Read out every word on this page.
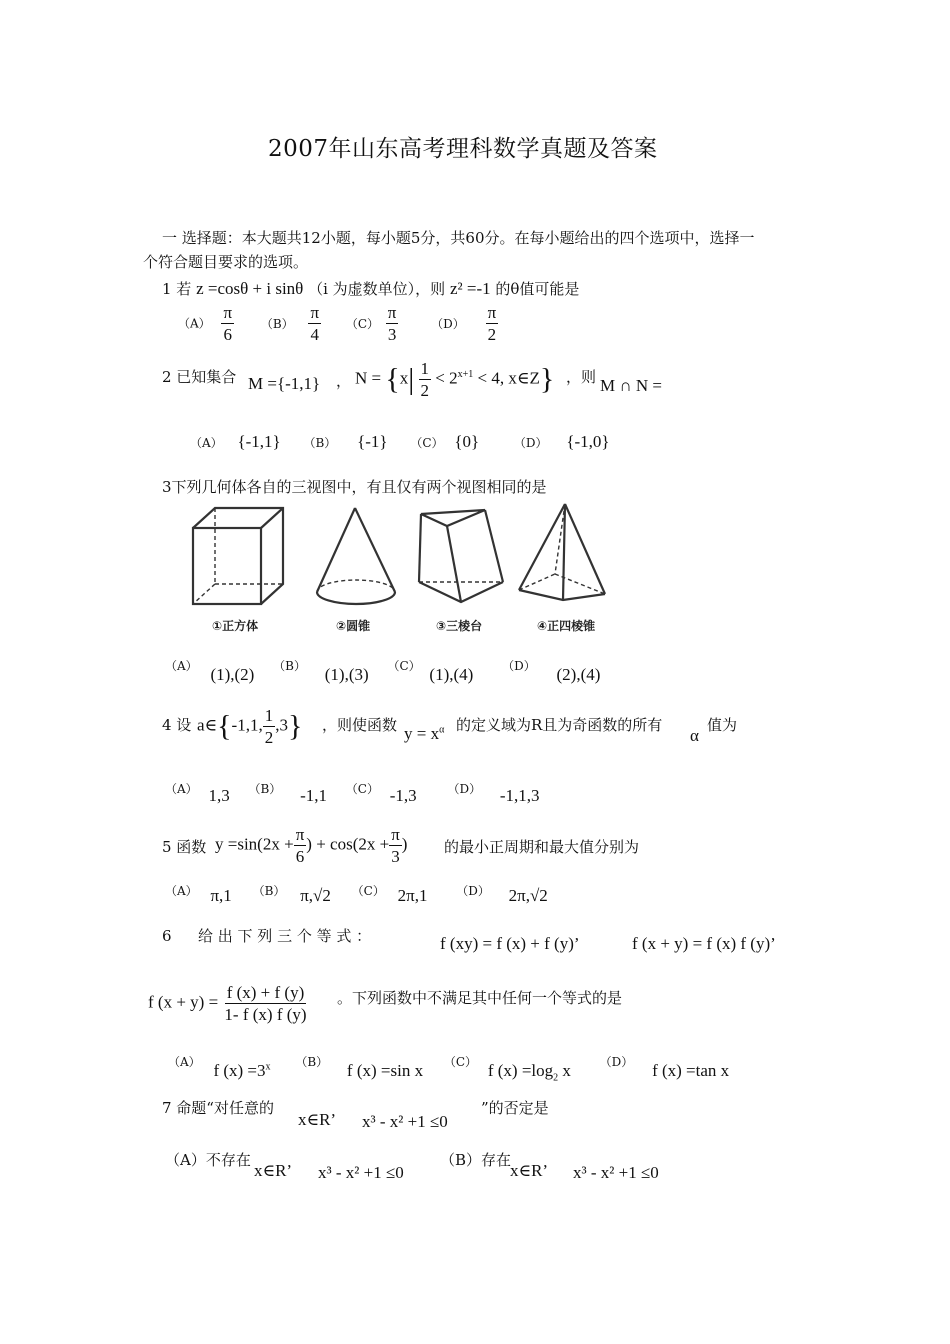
2007年山东高考理科数学真题及答案
一 选择题：本大题共12小题，每小题5分，共60分。在每小题给出的四个选项中，选择一
个符合题目要求的选项。
1 若 z =cosθ + i sinθ （i 为虚数单位），则 z² =-1 的θ值可能是
$(A) \frac{\pi}{6} (B) \frac{\pi}{4} (C) \frac{\pi}{3}$	$(D) \frac{\pi}{2}$
2 已知集合 M ={-1,1} ， $N = \{x| \frac{1}{2} < 2^{x+1} < 4$, x∈Z} ，则 M ∩ N =
（A） {-1,1} （B） {-1} （C） {0}	（D） {-1,0}
3下列几何体各自的三视图中，有且仅有两个视图相同的是
①正方体	②圆锥	③三棱台	④正四棱锥
（A） (1),(2) （B） (1),(3) （C） (1),(4) （D） (2),(4)
4 设 a∈{-1,1, $\frac{1}{2} ,3$} ，则使函数 $y = x^\alpha$ 的定义域为R且为奇函数的所有
α
值为
（A） 1,3 （B） -1,1 （C） -1,3	（D） -1,1,3
5 函数 $y =\sin(2x + \frac{\pi}{6}$ ) + $\cos(2x + \frac{\pi}{3}$ ) 的最小正周期和最大值分别为
（A） π,1 （B） π,√2 （C） 2π,1 （D） 2π,√2
6 给 出 下 列 三 个 等 式 ：	f (xy) = f (x) + f (y)’	f (x + y) = f (x) f (y)’
f $(x + y) = \frac{f (x) + f (y)}{1- f (x) f (y)}$ 。下列函数中不满足其中任何一个等式的是
（A） f $(x) =3^x$ （B） f (x) =sin x （C） f $(x) =\log_2$ x （D） f (x) =tan x
7 命题“对任意的
x∈R’ x³ - x² +1 ≤0
”的否定是
（A）不存在
x∈R’ x³ - x² +1 ≤0
（B）存在
x∈R’ x³ - x² +1 ≤0
